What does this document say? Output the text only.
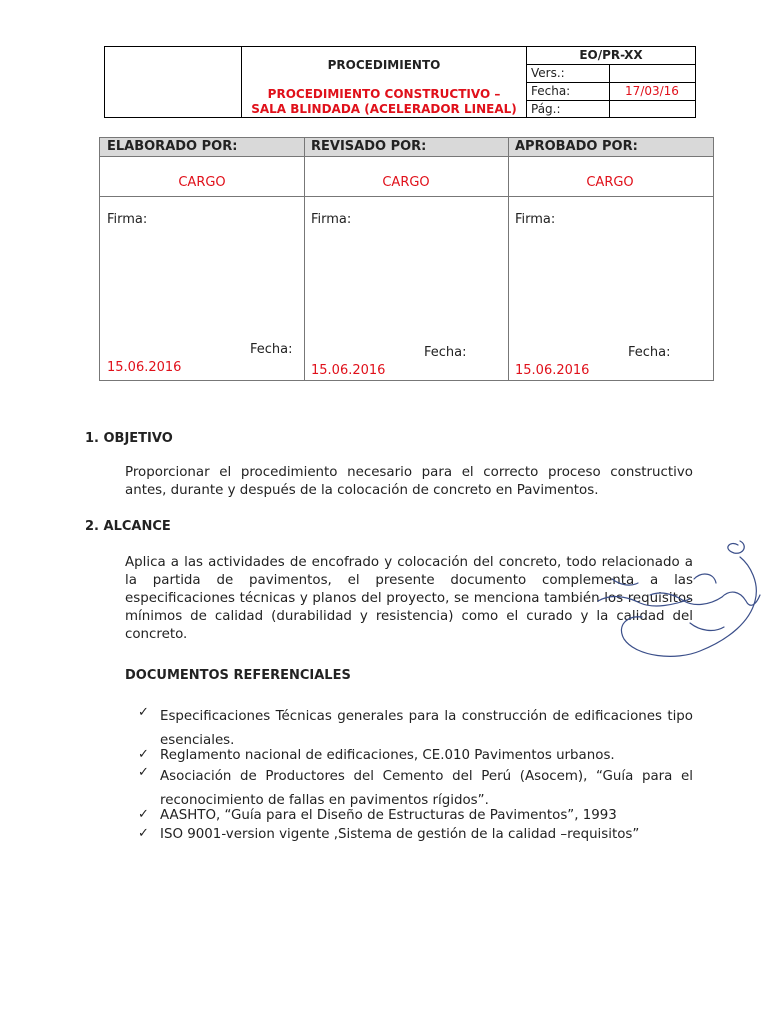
PROCEDIMIENTO
PROCEDIMIENTO CONSTRUCTIVO –
SALA BLINDADA (ACELERADOR LINEAL)
EO/PR-XX
Vers.:
Fecha:	17/03/16
Pág.:
ELABORADO POR:	REVISADO POR:	APROBADO POR:
CARGO	CARGO	CARGO
Firma:	Firma:	Firma:
Fecha:	Fecha:	Fecha:
15.06.2016	15.06.2016	15.06.2016
1. OBJETIVO
Proporcionar el procedimiento necesario para el correcto proceso constructivo antes, durante y después de la colocación de concreto en Pavimentos.
2. ALCANCE
Aplica a las actividades de encofrado y colocación del concreto, todo relacionado a la partida de pavimentos, el presente documento complementa a las especificaciones técnicas y planos del proyecto, se menciona también los requisitos mínimos de calidad (durabilidad y resistencia) como el curado y la calidad del concreto.
DOCUMENTOS REFERENCIALES
✓ Especificaciones Técnicas generales para la construcción de edificaciones tipo esenciales.
✓ Reglamento nacional de edificaciones, CE.010 Pavimentos urbanos.
✓ Asociación de Productores del Cemento del Perú (Asocem), “Guía para el reconocimiento de fallas en pavimentos rígidos”.
✓ AASHTO, “Guía para el Diseño de Estructuras de Pavimentos”, 1993
✓ ISO 9001-version vigente ,Sistema de gestión de la calidad –requisitos”
